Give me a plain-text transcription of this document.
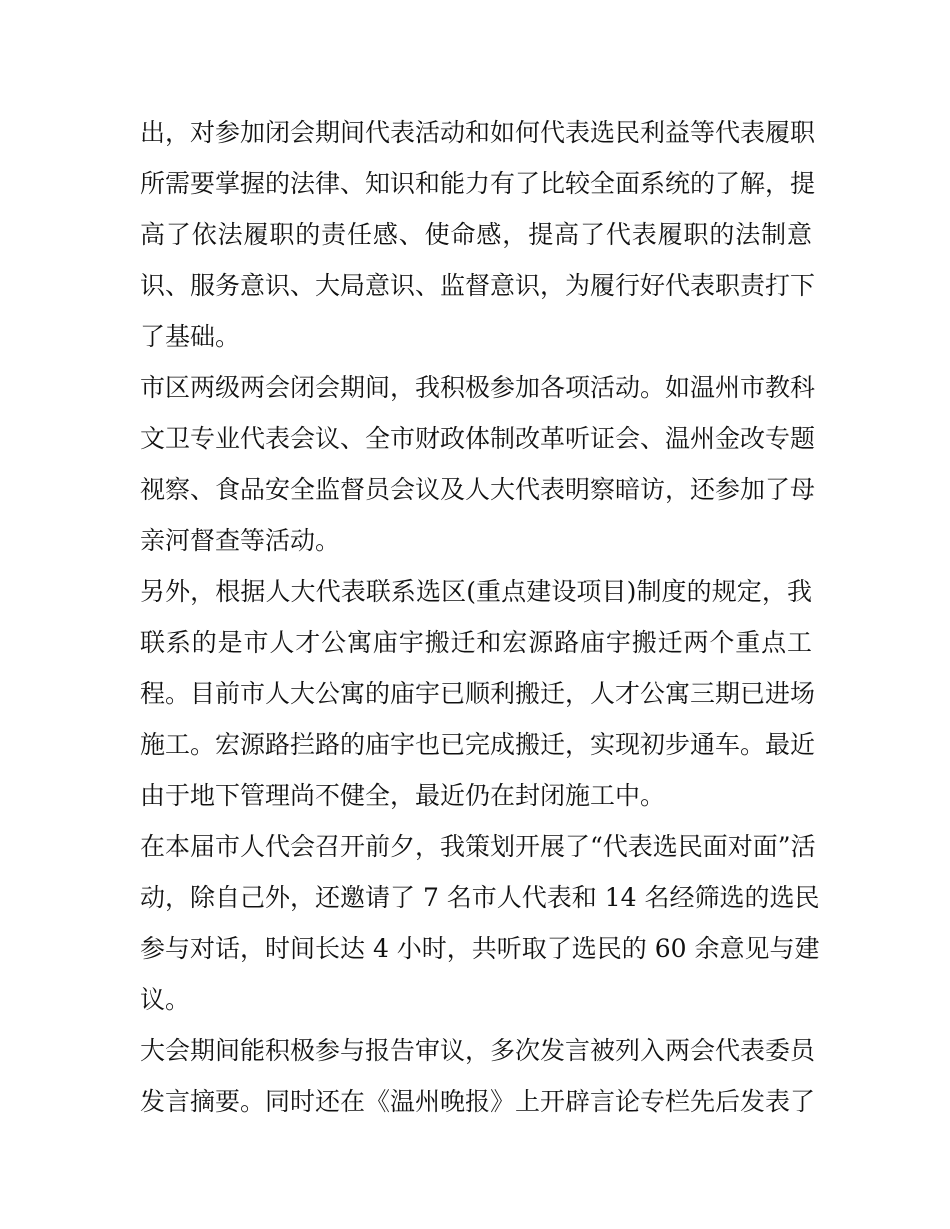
出，对参加闭会期间代表活动和如何代表选民利益等代表履职
所需要掌握的法律、知识和能力有了比较全面系统的了解，提
高了依法履职的责任感、使命感，提高了代表履职的法制意
识、服务意识、大局意识、监督意识，为履行好代表职责打下
了基础。
市区两级两会闭会期间，我积极参加各项活动。如温州市教科
文卫专业代表会议、全市财政体制改革听证会、温州金改专题
视察、食品安全监督员会议及人大代表明察暗访，还参加了母
亲河督查等活动。
另外，根据人大代表联系选区(重点建设项目)制度的规定，我
联系的是市人才公寓庙宇搬迁和宏源路庙宇搬迁两个重点工
程。目前市人大公寓的庙宇已顺利搬迁，人才公寓三期已进场
施工。宏源路拦路的庙宇也已完成搬迁，实现初步通车。最近
由于地下管理尚不健全，最近仍在封闭施工中。
在本届市人代会召开前夕，我策划开展了“代表选民面对面”活
动，除自己外，还邀请了 7 名市人代表和 14 名经筛选的选民
参与对话，时间长达 4 小时，共听取了选民的 60 余意见与建
议。
大会期间能积极参与报告审议，多次发言被列入两会代表委员
发言摘要。同时还在《温州晚报》上开辟言论专栏先后发表了
